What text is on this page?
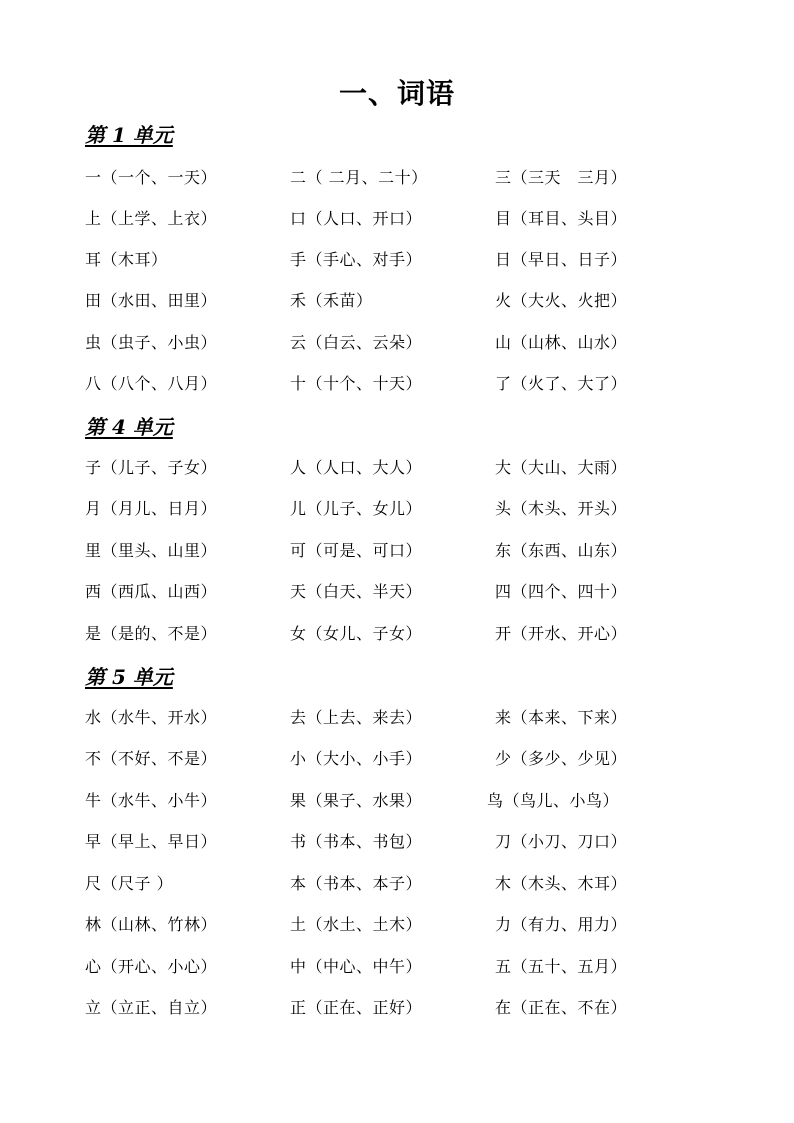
一、词语
第 1 单元
一（一个、一天）	二（ 二月、二十）	三（三天　三月）
上（上学、上衣）	口（人口、开口）	目（耳目、头目）
耳（木耳）	手（手心、对手）	日（早日、日子）
田（水田、田里）	禾（禾苗）	火（大火、火把）
虫（虫子、小虫）	云（白云、云朵）	山（山林、山水）
八（八个、八月）	十（十个、十天）	了（火了、大了）
第 4 单元
子（儿子、子女）	人（人口、大人）	大（大山、大雨）
月（月儿、日月）	儿（儿子、女儿）	头（木头、开头）
里（里头、山里）	可（可是、可口）	东（东西、山东）
西（西瓜、山西）	天（白天、半天）	四（四个、四十）
是（是的、不是）	女（女儿、子女）	开（开水、开心）
第 5 单元
水（水牛、开水）	去（上去、来去）	来（本来、下来）
不（不好、不是）	小（大小、小手）	少（多少、少见）
牛（水牛、小牛）	果（果子、水果）	鸟（鸟儿、小鸟）
早（早上、早日）	书（书本、书包）	刀（小刀、刀口）
尺（尺子 ）	本（书本、本子）	木（木头、木耳）
林（山林、竹林）	土（水土、土木）	力（有力、用力）
心（开心、小心）	中（中心、中午）	五（五十、五月）
立（立正、自立）	正（正在、正好）	在（正在、不在）
